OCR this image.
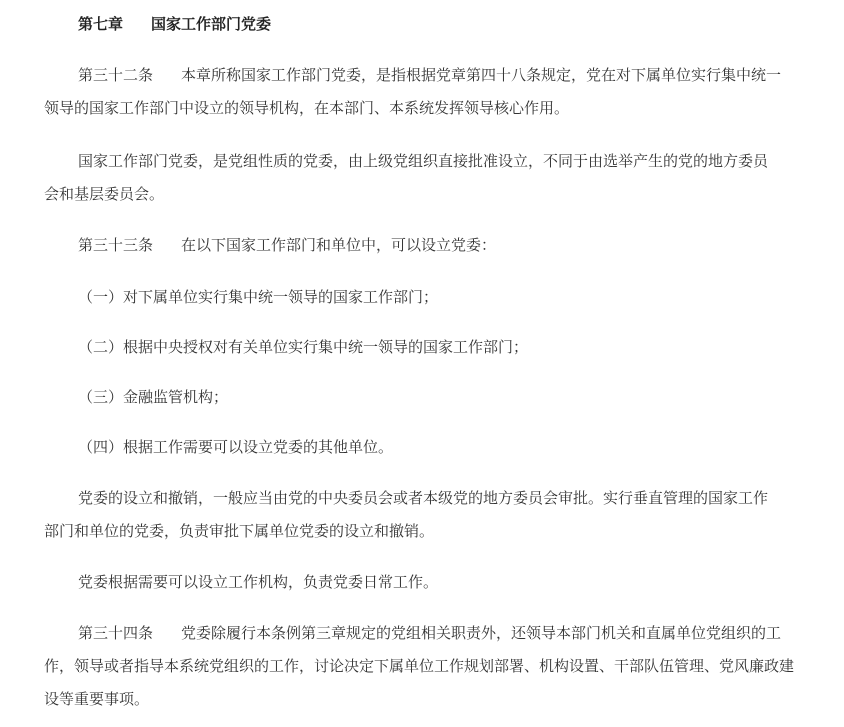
第七章 国家工作部门党委
第三十二条 本章所称国家工作部门党委，是指根据党章第四十八条规定，党在对下属单位实行集中统一
领导的国家工作部门中设立的领导机构，在本部门、本系统发挥领导核心作用。
国家工作部门党委，是党组性质的党委，由上级党组织直接批准设立，不同于由选举产生的党的地方委员
会和基层委员会。
第三十三条 在以下国家工作部门和单位中，可以设立党委：
（一）对下属单位实行集中统一领导的国家工作部门；
（二）根据中央授权对有关单位实行集中统一领导的国家工作部门；
（三）金融监管机构；
（四）根据工作需要可以设立党委的其他单位。
党委的设立和撤销，一般应当由党的中央委员会或者本级党的地方委员会审批。实行垂直管理的国家工作
部门和单位的党委，负责审批下属单位党委的设立和撤销。
党委根据需要可以设立工作机构，负责党委日常工作。
第三十四条 党委除履行本条例第三章规定的党组相关职责外，还领导本部门机关和直属单位党组织的工
作，领导或者指导本系统党组织的工作，讨论决定下属单位工作规划部署、机构设置、干部队伍管理、党风廉政建
设等重要事项。
